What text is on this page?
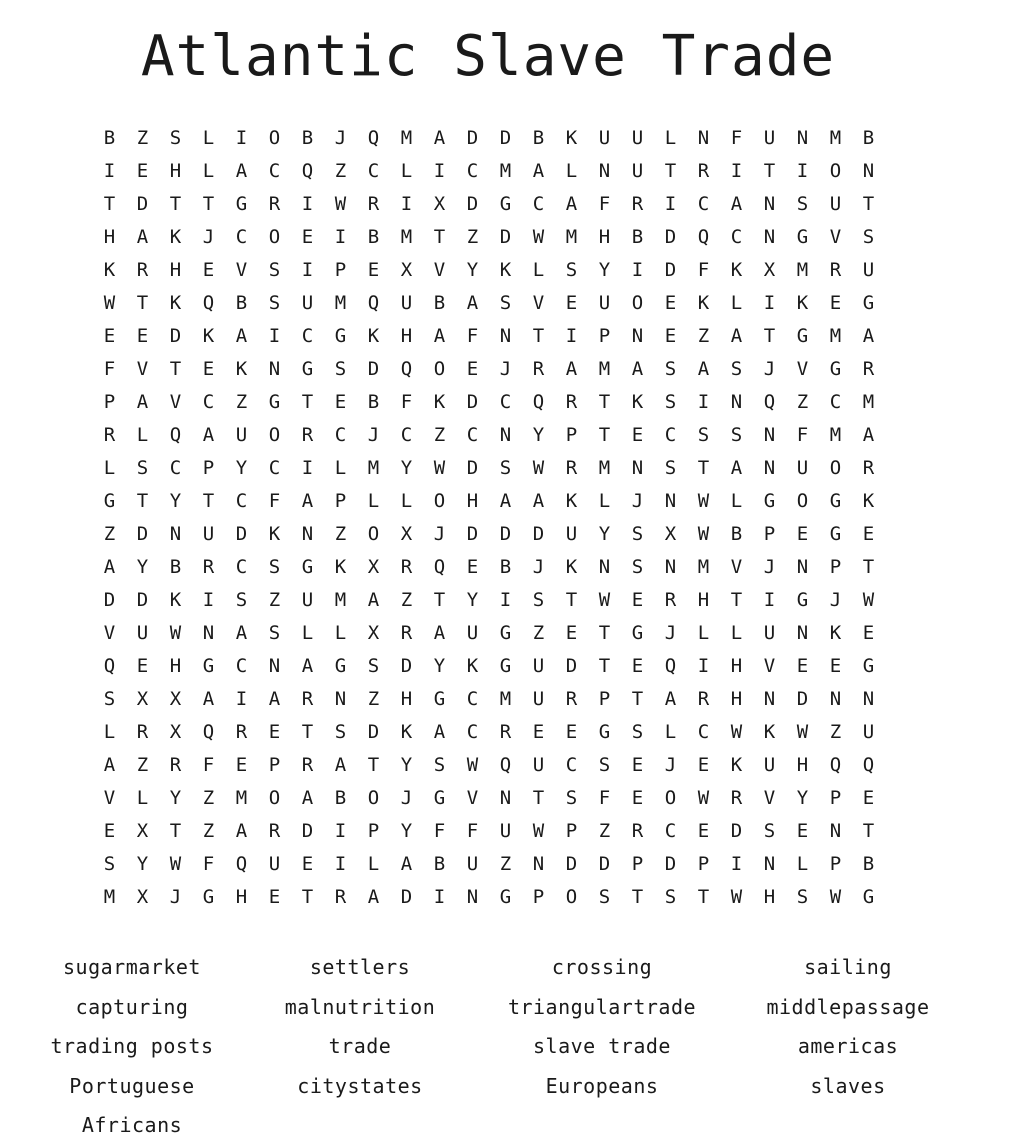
Atlantic Slave Trade
B	Z	S	L	I	O	B	J	Q	M	A	D	D	B	K	U	U	L	N	F	U	N	M	B
I	E	H	L	A	C	Q	Z	C	L	I	C	M	A	L	N	U	T	R	I	T	I	O	N
T	D	T	T	G	R	I	W	R	I	X	D	G	C	A	F	R	I	C	A	N	S	U	T
H	A	K	J	C	O	E	I	B	M	T	Z	D	W	M	H	B	D	Q	C	N	G	V	S
K	R	H	E	V	S	I	P	E	X	V	Y	K	L	S	Y	I	D	F	K	X	M	R	U
W	T	K	Q	B	S	U	M	Q	U	B	A	S	V	E	U	O	E	K	L	I	K	E	G
E	E	D	K	A	I	C	G	K	H	A	F	N	T	I	P	N	E	Z	A	T	G	M	A
F	V	T	E	K	N	G	S	D	Q	O	E	J	R	A	M	A	S	A	S	J	V	G	R
P	A	V	C	Z	G	T	E	B	F	K	D	C	Q	R	T	K	S	I	N	Q	Z	C	M
R	L	Q	A	U	O	R	C	J	C	Z	C	N	Y	P	T	E	C	S	S	N	F	M	A
L	S	C	P	Y	C	I	L	M	Y	W	D	S	W	R	M	N	S	T	A	N	U	O	R
G	T	Y	T	C	F	A	P	L	L	O	H	A	A	K	L	J	N	W	L	G	O	G	K
Z	D	N	U	D	K	N	Z	O	X	J	D	D	D	U	Y	S	X	W	B	P	E	G	E
A	Y	B	R	C	S	G	K	X	R	Q	E	B	J	K	N	S	N	M	V	J	N	P	T
D	D	K	I	S	Z	U	M	A	Z	T	Y	I	S	T	W	E	R	H	T	I	G	J	W
V	U	W	N	A	S	L	L	X	R	A	U	G	Z	E	T	G	J	L	L	U	N	K	E
Q	E	H	G	C	N	A	G	S	D	Y	K	G	U	D	T	E	Q	I	H	V	E	E	G
S	X	X	A	I	A	R	N	Z	H	G	C	M	U	R	P	T	A	R	H	N	D	N	N
L	R	X	Q	R	E	T	S	D	K	A	C	R	E	E	G	S	L	C	W	K	W	Z	U
A	Z	R	F	E	P	R	A	T	Y	S	W	Q	U	C	S	E	J	E	K	U	H	Q	Q
V	L	Y	Z	M	O	A	B	O	J	G	V	N	T	S	F	E	O	W	R	V	Y	P	E
E	X	T	Z	A	R	D	I	P	Y	F	F	U	W	P	Z	R	C	E	D	S	E	N	T
S	Y	W	F	Q	U	E	I	L	A	B	U	Z	N	D	D	P	D	P	I	N	L	P	B
M	X	J	G	H	E	T	R	A	D	I	N	G	P	O	S	T	S	T	W	H	S	W	G
sugarmarket	settlers	crossing	sailing
capturing	malnutrition	triangulartrade	middlepassage
trading posts	trade	slave trade	americas
Portuguese	citystates	Europeans	slaves
Africans
